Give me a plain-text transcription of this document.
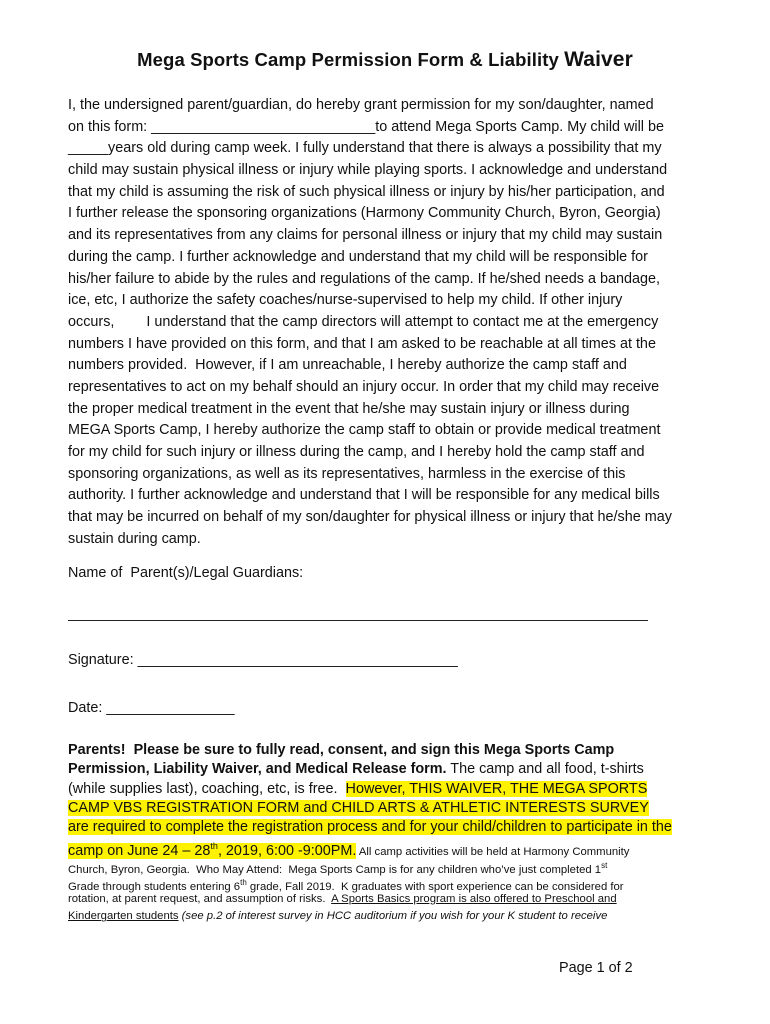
Mega Sports Camp Permission Form & Liability Waiver
I, the undersigned parent/guardian, do hereby grant permission for my son/daughter, named
on this form: ____________________________to attend Mega Sports Camp. My child will be
_____years old during camp week. I fully understand that there is always a possibility that my
child may sustain physical illness or injury while playing sports. I acknowledge and understand
that my child is assuming the risk of such physical illness or injury by his/her participation, and
I further release the sponsoring organizations (Harmony Community Church, Byron, Georgia)
and its representatives from any claims for personal illness or injury that my child may sustain
during the camp. I further acknowledge and understand that my child will be responsible for
his/her failure to abide by the rules and regulations of the camp. If he/shed needs a bandage,
ice, etc, I authorize the safety coaches/nurse-supervised to help my child. If other injury
occurs,        I understand that the camp directors will attempt to contact me at the emergency
numbers I have provided on this form, and that I am asked to be reachable at all times at the
numbers provided.  However, if I am unreachable, I hereby authorize the camp staff and
representatives to act on my behalf should an injury occur. In order that my child may receive
the proper medical treatment in the event that he/she may sustain injury or illness during
MEGA Sports Camp, I hereby authorize the camp staff to obtain or provide medical treatment
for my child for such injury or illness during the camp, and I hereby hold the camp staff and
sponsoring organizations, as well as its representatives, harmless in the exercise of this
authority. I further acknowledge and understand that I will be responsible for any medical bills
that may be incurred on behalf of my son/daughter for physical illness or injury that he/she may
sustain during camp.
Name of  Parent(s)/Legal Guardians:
Signature: ________________________________________
Date: ________________
Parents!  Please be sure to fully read, consent, and sign this Mega Sports Camp
Permission, Liability Waiver, and Medical Release form. The camp and all food, t-shirts
(while supplies last), coaching, etc, is free.  However, THIS WAIVER, THE MEGA SPORTS
CAMP VBS REGISTRATION FORM and CHILD ARTS & ATHLETIC INTERESTS SURVEY
are required to complete the registration process and for your child/children to participate in the
camp on June 24 – 28th, 2019, 6:00 -9:00PM. All camp activities will be held at Harmony Community
Church, Byron, Georgia.  Who May Attend:  Mega Sports Camp is for any children who’ve just completed 1st
Grade through students entering 6th grade, Fall 2019.  K graduates with sport experience can be considered for
rotation, at parent request, and assumption of risks.  A Sports Basics program is also offered to Preschool and
Kindergarten students (see p.2 of interest survey in HCC auditorium if you wish for your K student to receive
Page 1 of 2
